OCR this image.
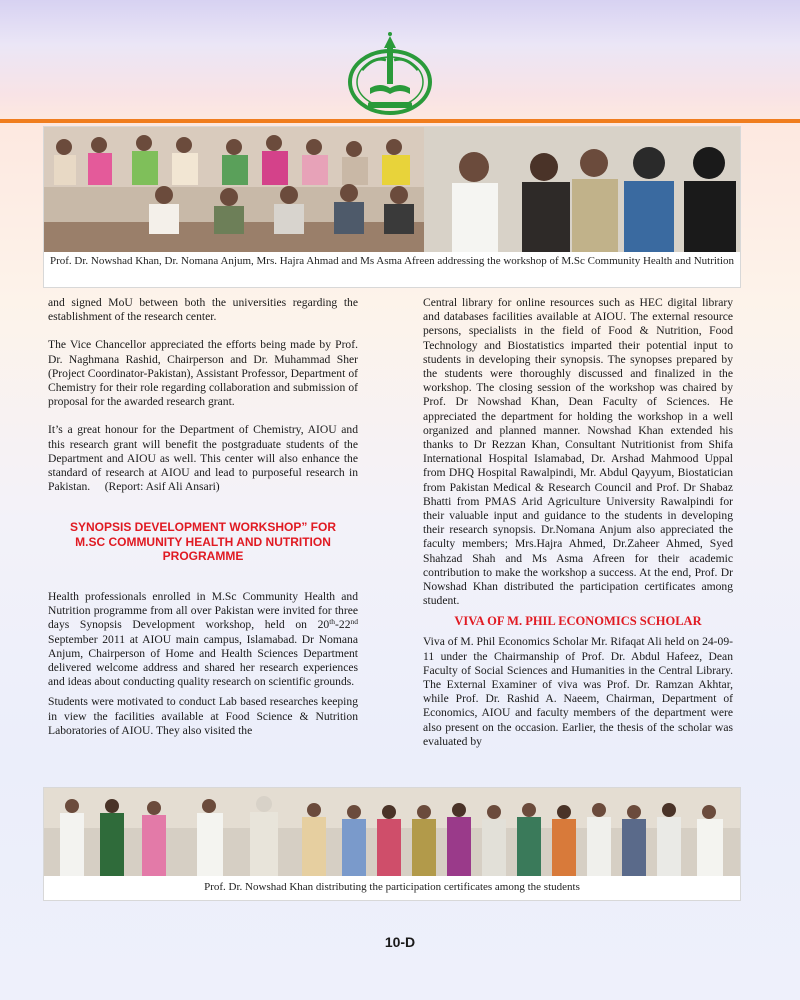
Prof. Dr. Nowshad Khan, Dr. Nomana Anjum, Mrs. Hajra Ahmad and Ms Asma Afreen addressing the workshop of M.Sc Community Health and Nutrition

and signed MoU between both the universities regarding the establishment of the research center.

The Vice Chancellor appreciated the efforts being made by Prof. Dr. Naghmana Rashid, Chairperson and Dr. Muhammad Sher (Project Coordinator-Pakistan), Assistant Professor, Department of Chemistry for their role regarding collaboration and submission of proposal for the awarded research grant.

It’s a great honour for the Department of Chemistry, AIOU and this research grant will benefit the postgraduate students of the Department and AIOU as well. This center will also enhance the standard of research at AIOU and lead to purposeful research in Pakistan. (Report: Asif Ali Ansari)

SYNOPSIS DEVELOPMENT WORKSHOP” FOR
M.SC COMMUNITY HEALTH AND NUTRITION
PROGRAMME

Health professionals enrolled in M.Sc Community Health and Nutrition programme from all over Pakistan were invited for three days Synopsis Development workshop, held on 20th-22nd September 2011 at AIOU main campus, Islamabad. Dr Nomana Anjum, Chairperson of Home and Health Sciences Department delivered welcome address and shared her research experiences and ideas about conducting quality research on scientific grounds.

Students were motivated to conduct Lab based researches keeping in view the facilities available at Food Science & Nutrition Laboratories of AIOU. They also visited the

Central library for online resources such as HEC digital library and databases facilities available at AIOU. The external resource persons, specialists in the field of Food & Nutrition, Food Technology and Biostatistics imparted their potential input to students in developing their synopsis. The synopses prepared by the students were thoroughly discussed and finalized in the workshop. The closing session of the workshop was chaired by Prof. Dr Nowshad Khan, Dean Faculty of Sciences. He appreciated the department for holding the workshop in a well organized and planned manner. Nowshad Khan extended his thanks to Dr Rezzan Khan, Consultant Nutritionist from Shifa International Hospital Islamabad, Dr. Arshad Mahmood Uppal from DHQ Hospital Rawalpindi, Mr. Abdul Qayyum, Biostatician from Pakistan Medical & Research Council and Prof. Dr Shabaz Bhatti from PMAS Arid Agriculture University Rawalpindi for their valuable input and guidance to the students in developing their research synopsis. Dr.Nomana Anjum also appreciated the faculty members; Mrs.Hajra Ahmed, Dr.Zaheer Ahmed, Syed Shahzad Shah and Ms Asma Afreen for their academic contribution to make the workshop a success. At the end, Prof. Dr Nowshad Khan distributed the participation certificates among student.

VIVA OF M. PHIL ECONOMICS SCHOLAR

Viva of M. Phil Economics Scholar Mr. Rifaqat Ali held on 24-09-11 under the Chairmanship of Prof. Dr. Abdul Hafeez, Dean Faculty of Social Sciences and Humanities in the Central Library. The External Examiner of viva was Prof. Dr. Ramzan Akhtar, while Prof. Dr. Rashid A. Naeem, Chairman, Department of Economics, AIOU and faculty members of the department were also present on the occasion. Earlier, the thesis of the scholar was evaluated by

Prof. Dr. Nowshad Khan distributing the participation certificates among the students
10-D
